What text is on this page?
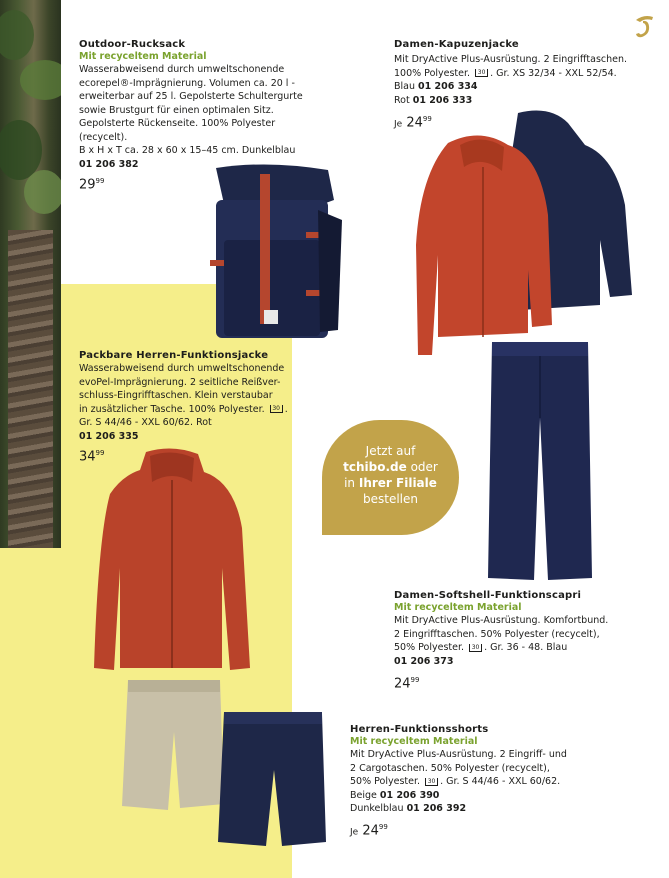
Outdoor-Rucksack
Mit recyceltem Material
Wasserabweisend durch umweltschonende
ecorepel®-Imprägnierung. Volumen ca. 20 l -
erweiterbar auf 25 l. Gepolsterte Schultergurte
sowie Brustgurt für einen optimalen Sitz.
Gepolsterte Rückenseite. 100% Polyester (recycelt).
B x H x T ca. 28 x 60 x 15–45 cm. Dunkelblau
01 206 382
$29^{99}$
Damen-Kapuzenjacke
Mit DryActive Plus-Ausrüstung. 2 Eingrifftaschen.
100% Polyester. 30 . Gr. XS 32/34 - XXL 52/54.
Blau 01 206 334
Rot 01 206 333
Je $24^{99}$
Packbare Herren-Funktionsjacke
Wasserabweisend durch umweltschonende
evoPel-Imprägnierung. 2 seitliche Reißver-
schluss-Eingrifftaschen. Klein verstaubar
in zusätzlicher Tasche. 100% Polyester. 30 .
Gr. S 44/46 - XXL 60/62. Rot
01 206 335
$34^{99}$	Jetzt auf
tchibo.de oder
in Ihrer Filiale
bestellen
Damen-Softshell-Funktionscapri
Mit recyceltem Material
Mit DryActive Plus-Ausrüstung. Komfortbund.
2 Eingrifftaschen. 50% Polyester (recycelt),
50% Polyester. 30 . Gr. 36 - 48. Blau
01 206 373
$24^{99}$
Herren-Funktionsshorts
Mit recyceltem Material
Mit DryActive Plus-Ausrüstung. 2 Eingriff- und
2 Cargotaschen. 50% Polyester (recycelt),
50% Polyester. 30 . Gr. S 44/46 - XXL 60/62.
Beige 01 206 390
Dunkelblau 01 206 392
Je $24^{99}$
